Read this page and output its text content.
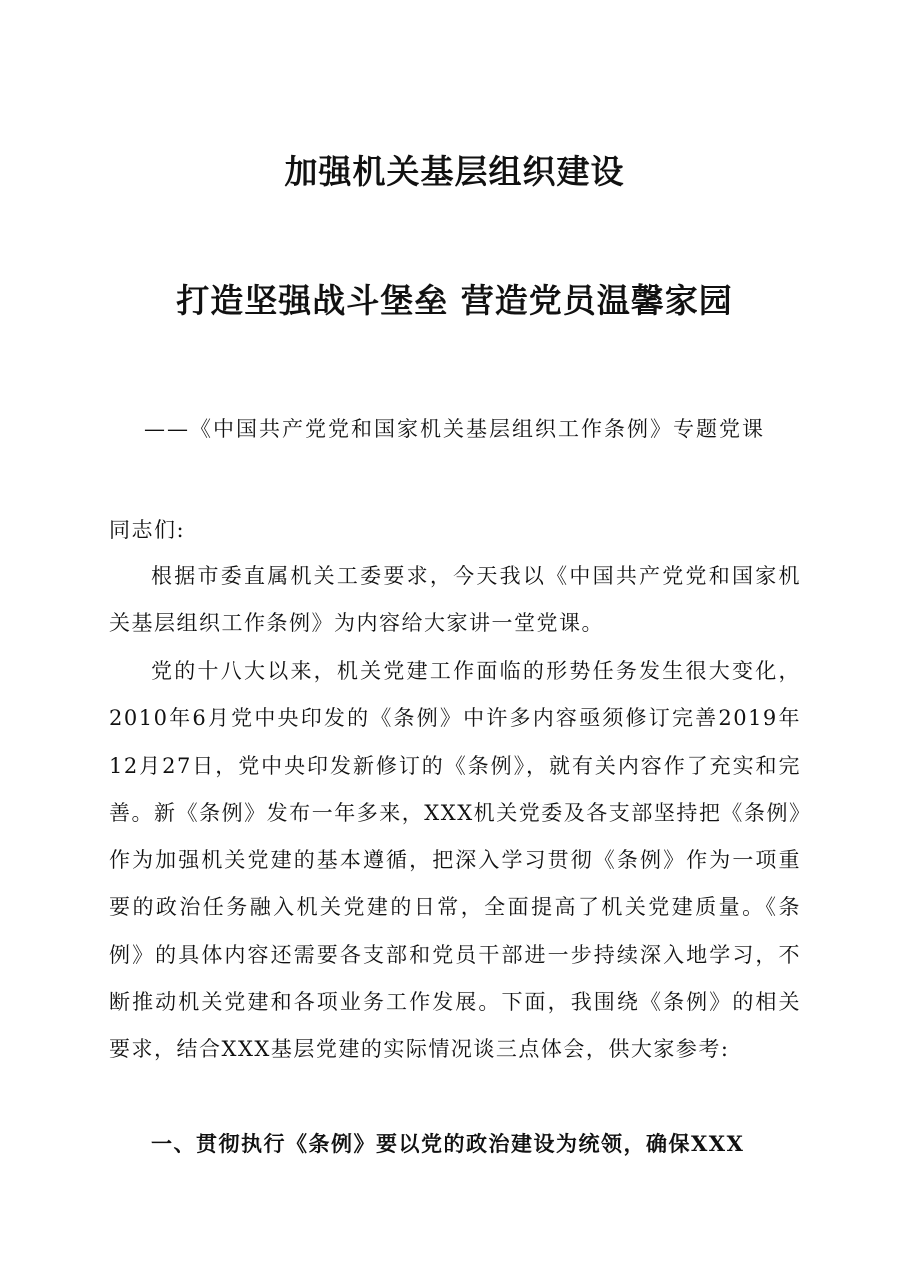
加强机关基层组织建设
打造坚强战斗堡垒 营造党员温馨家园
——《中国共产党党和国家机关基层组织工作条例》专题党课
同志们:
根据市委直属机关工委要求，今天我以《中国共产党党和国家机关基层组织工作条例》为内容给大家讲一堂党课。
党的十八大以来，机关党建工作面临的形势任务发生很大变化，2010年6月党中央印发的《条例》中许多内容亟须修订完善2019年12月27日，党中央印发新修订的《条例》，就有关内容作了充实和完善。新《条例》发布一年多来，XXX机关党委及各支部坚持把《条例》作为加强机关党建的基本遵循，把深入学习贯彻《条例》作为一项重要的政治任务融入机关党建的日常，全面提高了机关党建质量。《条例》的具体内容还需要各支部和党员干部进一步持续深入地学习，不断推动机关党建和各项业务工作发展。下面，我围绕《条例》的相关要求，结合XXX基层党建的实际情况谈三点体会，供大家参考:
一、贯彻执行《条例》要以党的政治建设为统领，确保XXX
